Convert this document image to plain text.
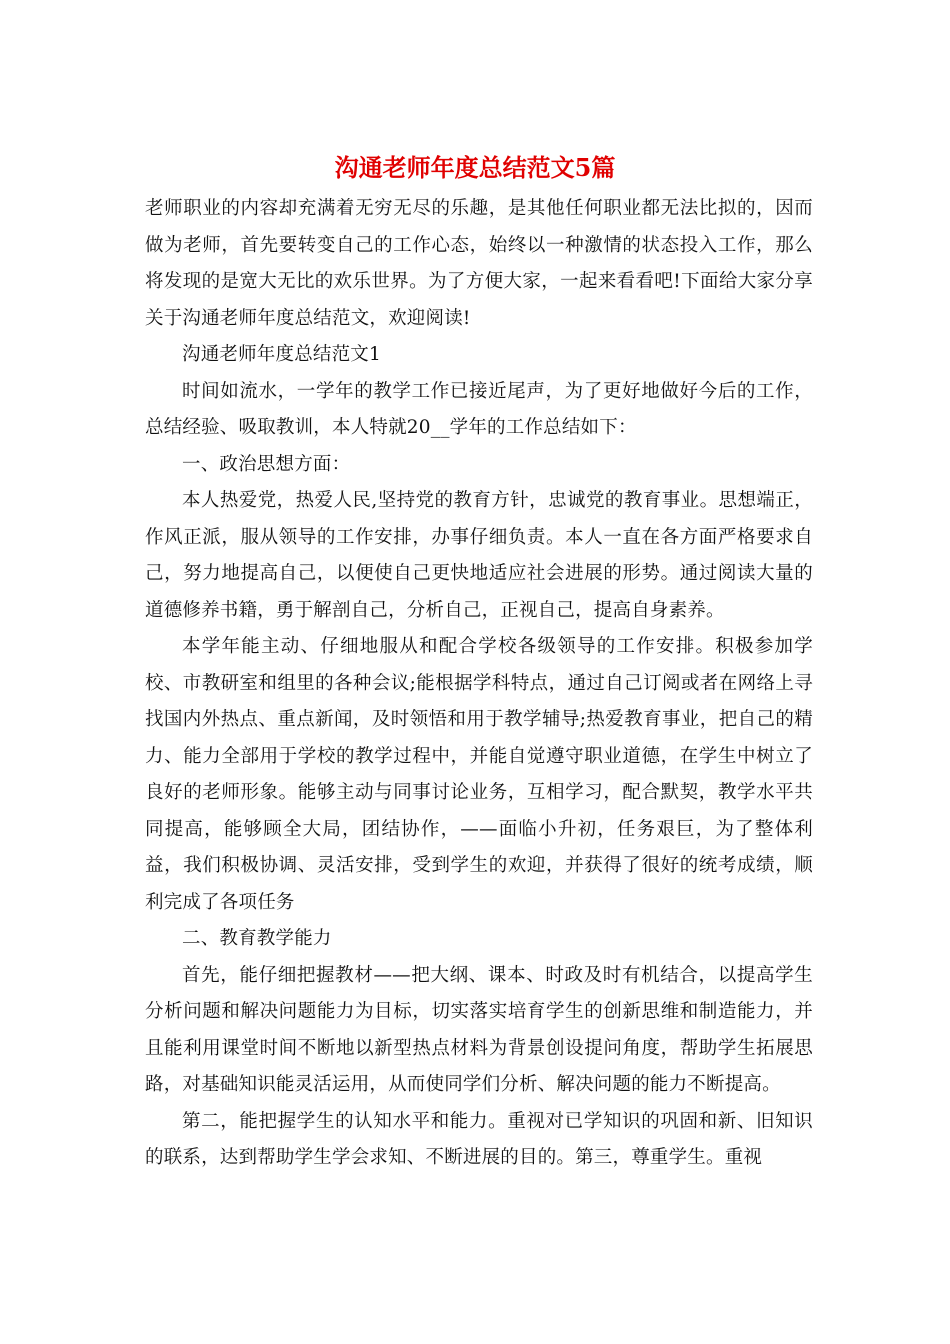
沟通老师年度总结范文5篇

老师职业的内容却充满着无穷无尽的乐趣，是其他任何职业都无法比拟的，因而做为老师，首先要转变自己的工作心态，始终以一种激情的状态投入工作，那么将发现的是宽大无比的欢乐世界。为了方便大家，一起来看看吧!下面给大家分享关于沟通老师年度总结范文，欢迎阅读!

沟通老师年度总结范文1

时间如流水，一学年的教学工作已接近尾声，为了更好地做好今后的工作，总结经验、吸取教训，本人特就20__学年的工作总结如下：

一、政治思想方面：

本人热爱党，热爱人民,坚持党的教育方针，忠诚党的教育事业。思想端正，作风正派，服从领导的工作安排，办事仔细负责。本人一直在各方面严格要求自己，努力地提高自己，以便使自己更快地适应社会进展的形势。通过阅读大量的道德修养书籍，勇于解剖自己，分析自己，正视自己，提高自身素养。

本学年能主动、仔细地服从和配合学校各级领导的工作安排。积极参加学校、市教研室和组里的各种会议;能根据学科特点，通过自己订阅或者在网络上寻找国内外热点、重点新闻，及时领悟和用于教学辅导;热爱教育事业，把自己的精力、能力全部用于学校的教学过程中，并能自觉遵守职业道德，在学生中树立了良好的老师形象。能够主动与同事讨论业务，互相学习，配合默契，教学水平共同提高，能够顾全大局，团结协作，——面临小升初，任务艰巨，为了整体利益，我们积极协调、灵活安排，受到学生的欢迎，并获得了很好的统考成绩，顺利完成了各项任务

二、教育教学能力

首先，能仔细把握教材——把大纲、课本、时政及时有机结合，以提高学生分析问题和解决问题能力为目标，切实落实培育学生的创新思维和制造能力，并且能利用课堂时间不断地以新型热点材料为背景创设提问角度，帮助学生拓展思路，对基础知识能灵活运用，从而使同学们分析、解决问题的能力不断提高。

第二，能把握学生的认知水平和能力。重视对已学知识的巩固和新、旧知识的联系，达到帮助学生学会求知、不断进展的目的。第三，尊重学生。重视
